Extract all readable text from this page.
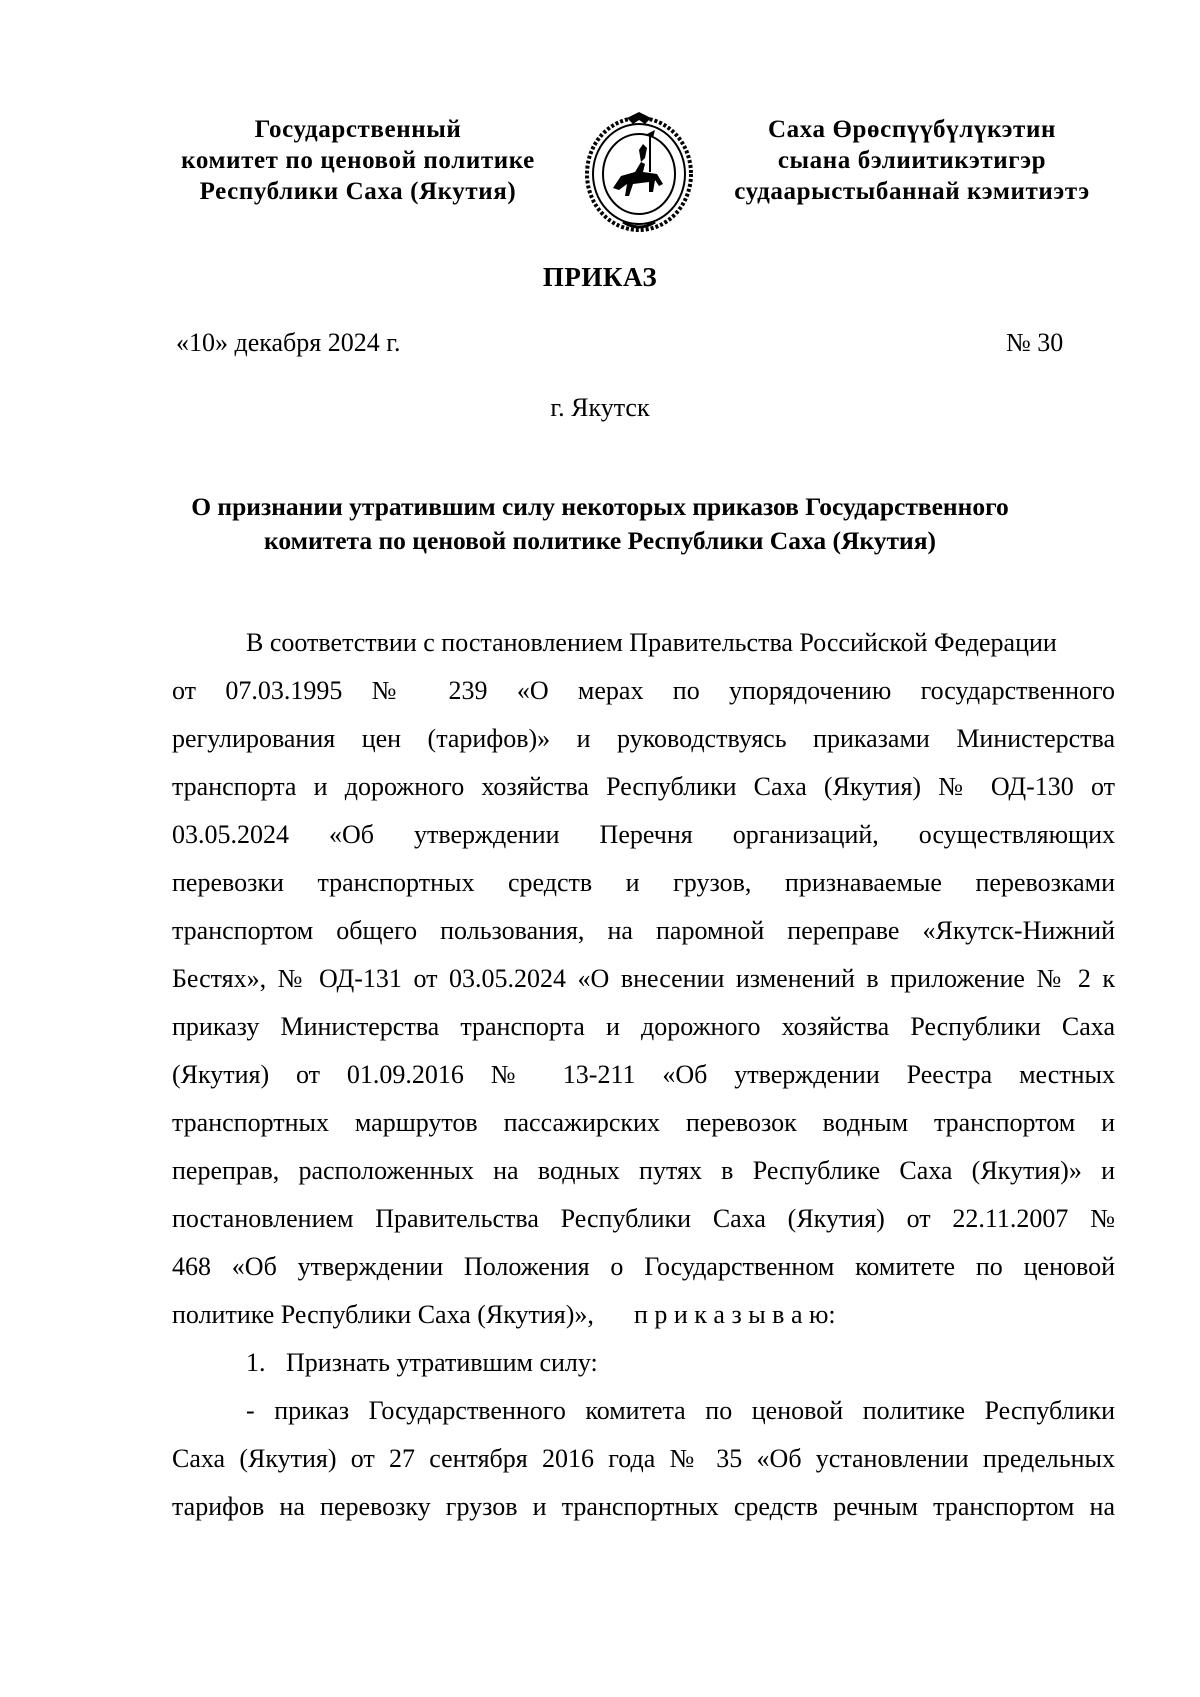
Государственный
комитет по ценовой политике
Республики Саха (Якутия)
Саха Өрөспүүбүлүкэтин
сыана бэлиитикэтигэр
судаарыстыбаннай кэмитиэтэ
ПРИКАЗ
«10» декабря 2024 г.	№ 30
г. Якутск
О признании утратившим силу некоторых приказов Государственного
комитета по ценовой политике Республики Саха (Якутия)
В соответствии с постановлением Правительства Российской Федерации
от 07.03.1995 № 239 «О мерах по упорядочению государственного
регулирования цен (тарифов)» и руководствуясь приказами Министерства
транспорта и дорожного хозяйства Республики Саха (Якутия) № ОД-130 от
03.05.2024 «Об утверждении Перечня организаций, осуществляющих
перевозки транспортных средств и грузов, признаваемые перевозками
транспортом общего пользования, на паромной переправе «Якутск-Нижний
Бестях», № ОД-131 от 03.05.2024 «О внесении изменений в приложение № 2 к
приказу Министерства транспорта и дорожного хозяйства Республики Саха
(Якутия) от 01.09.2016 № 13-211 «Об утверждении Реестра местных
транспортных маршрутов пассажирских перевозок водным транспортом и
переправ, расположенных на водных путях в Республике Саха (Якутия)» и
постановлением Правительства Республики Саха (Якутия) от 22.11.2007 №
468 «Об утверждении Положения о Государственном комитете по ценовой
политике Республики Саха (Якутия)», п р и к а з ы в а ю:
1. Признать утратившим силу:
- приказ Государственного комитета по ценовой политике Республики
Саха (Якутия) от 27 сентября 2016 года № 35 «Об установлении предельных
тарифов на перевозку грузов и транспортных средств речным транспортом на
